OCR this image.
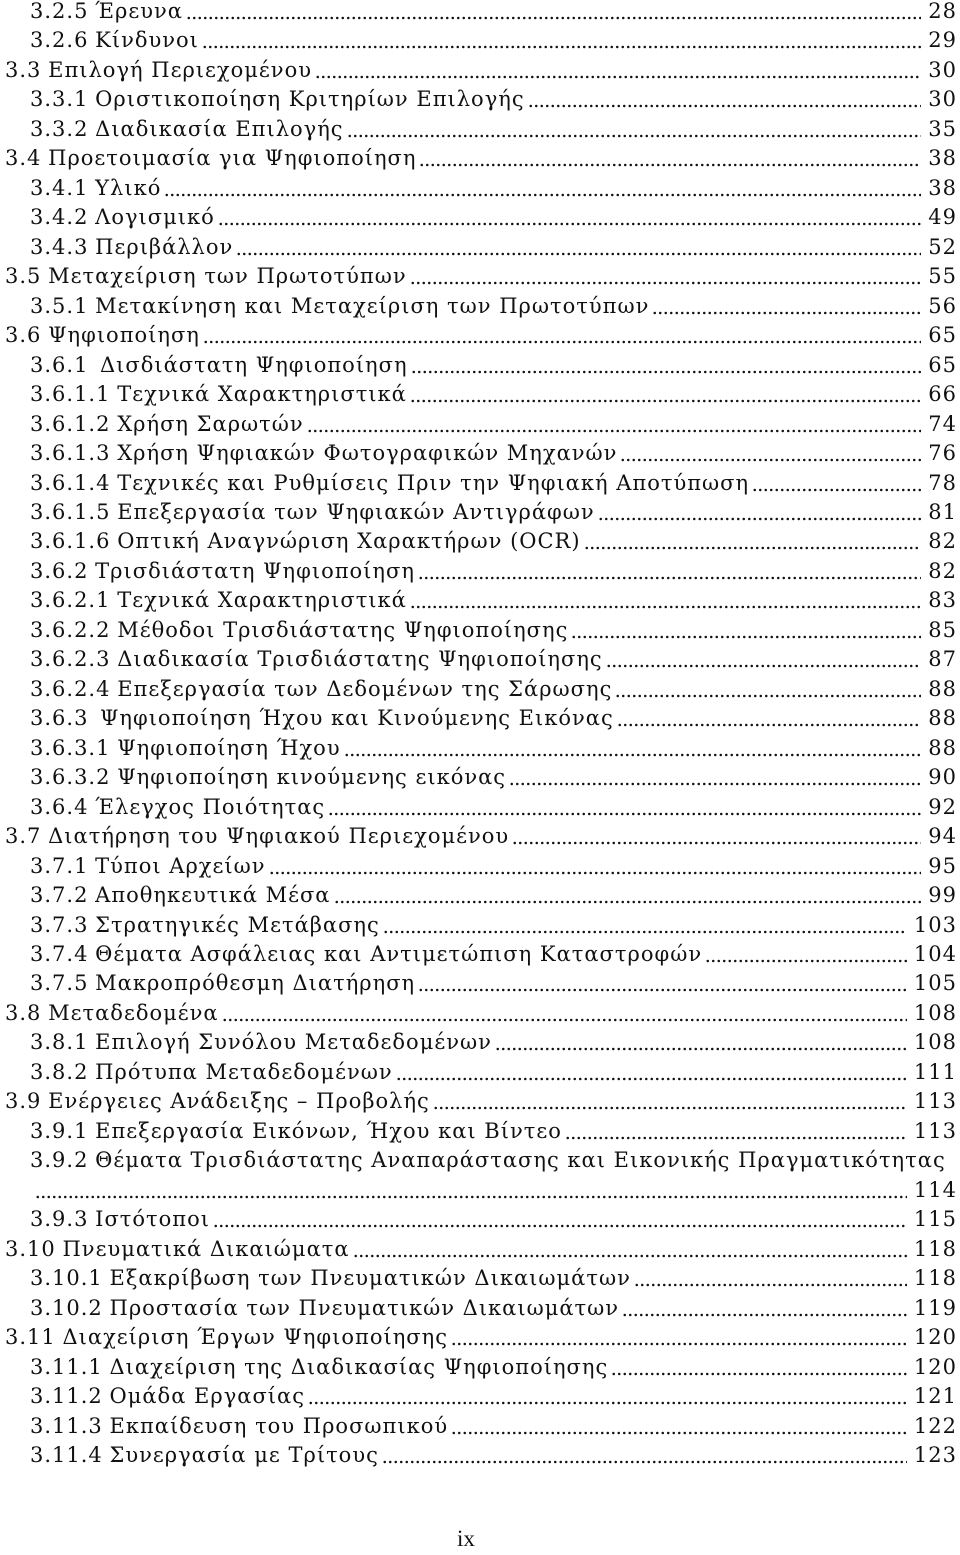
3.2.5 Έρευνα	28
3.2.6 Κίνδυνοι	29
3.3 Επιλογή Περιεχομένου	30
3.3.1 Οριστικοποίηση Κριτηρίων Επιλογής	30
3.3.2 Διαδικασία Επιλογής	35
3.4 Προετοιμασία για Ψηφιοποίηση	38
3.4.1 Υλικό	38
3.4.2 Λογισμικό	49
3.4.3 Περιβάλλον	52
3.5 Μεταχείριση των Πρωτοτύπων	55
3.5.1 Μετακίνηση και Μεταχείριση των Πρωτοτύπων	56
3.6 Ψηφιοποίηση	65
3.6.1 Δισδιάστατη Ψηφιοποίηση	65
3.6.1.1 Τεχνικά Χαρακτηριστικά	66
3.6.1.2 Χρήση Σαρωτών	74
3.6.1.3 Χρήση Ψηφιακών Φωτογραφικών Μηχανών	76
3.6.1.4 Τεχνικές και Ρυθμίσεις Πριν την Ψηφιακή Αποτύπωση	78
3.6.1.5 Επεξεργασία των Ψηφιακών Αντιγράφων	81
3.6.1.6 Οπτική Αναγνώριση Χαρακτήρων (OCR)	82
3.6.2 Τρισδιάστατη Ψηφιοποίηση	82
3.6.2.1 Τεχνικά Χαρακτηριστικά	83
3.6.2.2 Μέθοδοι Τρισδιάστατης Ψηφιοποίησης	85
3.6.2.3 Διαδικασία Τρισδιάστατης Ψηφιοποίησης	87
3.6.2.4 Επεξεργασία των Δεδομένων της Σάρωσης	88
3.6.3 Ψηφιοποίηση Ήχου και Κινούμενης Εικόνας	88
3.6.3.1 Ψηφιοποίηση Ήχου	88
3.6.3.2 Ψηφιοποίηση κινούμενης εικόνας	90
3.6.4 Έλεγχος Ποιότητας	92
3.7 Διατήρηση του Ψηφιακού Περιεχομένου	94
3.7.1 Τύποι Αρχείων	95
3.7.2 Αποθηκευτικά Μέσα	99
3.7.3 Στρατηγικές Μετάβασης	103
3.7.4 Θέματα Ασφάλειας και Αντιμετώπιση Καταστροφών	104
3.7.5 Μακροπρόθεσμη Διατήρηση	105
3.8 Μεταδεδομένα	108
3.8.1 Επιλογή Συνόλου Μεταδεδομένων	108
3.8.2 Πρότυπα Μεταδεδομένων	111
3.9 Ενέργειες Ανάδειξης – Προβολής	113
3.9.1 Επεξεργασία Εικόνων, Ήχου και Βίντεο	113
3.9.2 Θέματα Τρισδιάστατης Αναπαράστασης και Εικονικής Πραγματικότητας
114
3.9.3 Ιστότοποι	115
3.10 Πνευματικά Δικαιώματα	118
3.10.1 Εξακρίβωση των Πνευματικών Δικαιωμάτων	118
3.10.2 Προστασία των Πνευματικών Δικαιωμάτων	119
3.11 Διαχείριση Έργων Ψηφιοποίησης	120
3.11.1 Διαχείριση της Διαδικασίας Ψηφιοποίησης	120
3.11.2 Ομάδα Εργασίας	121
3.11.3 Εκπαίδευση του Προσωπικού	122
3.11.4 Συνεργασία με Τρίτους	123
ix
